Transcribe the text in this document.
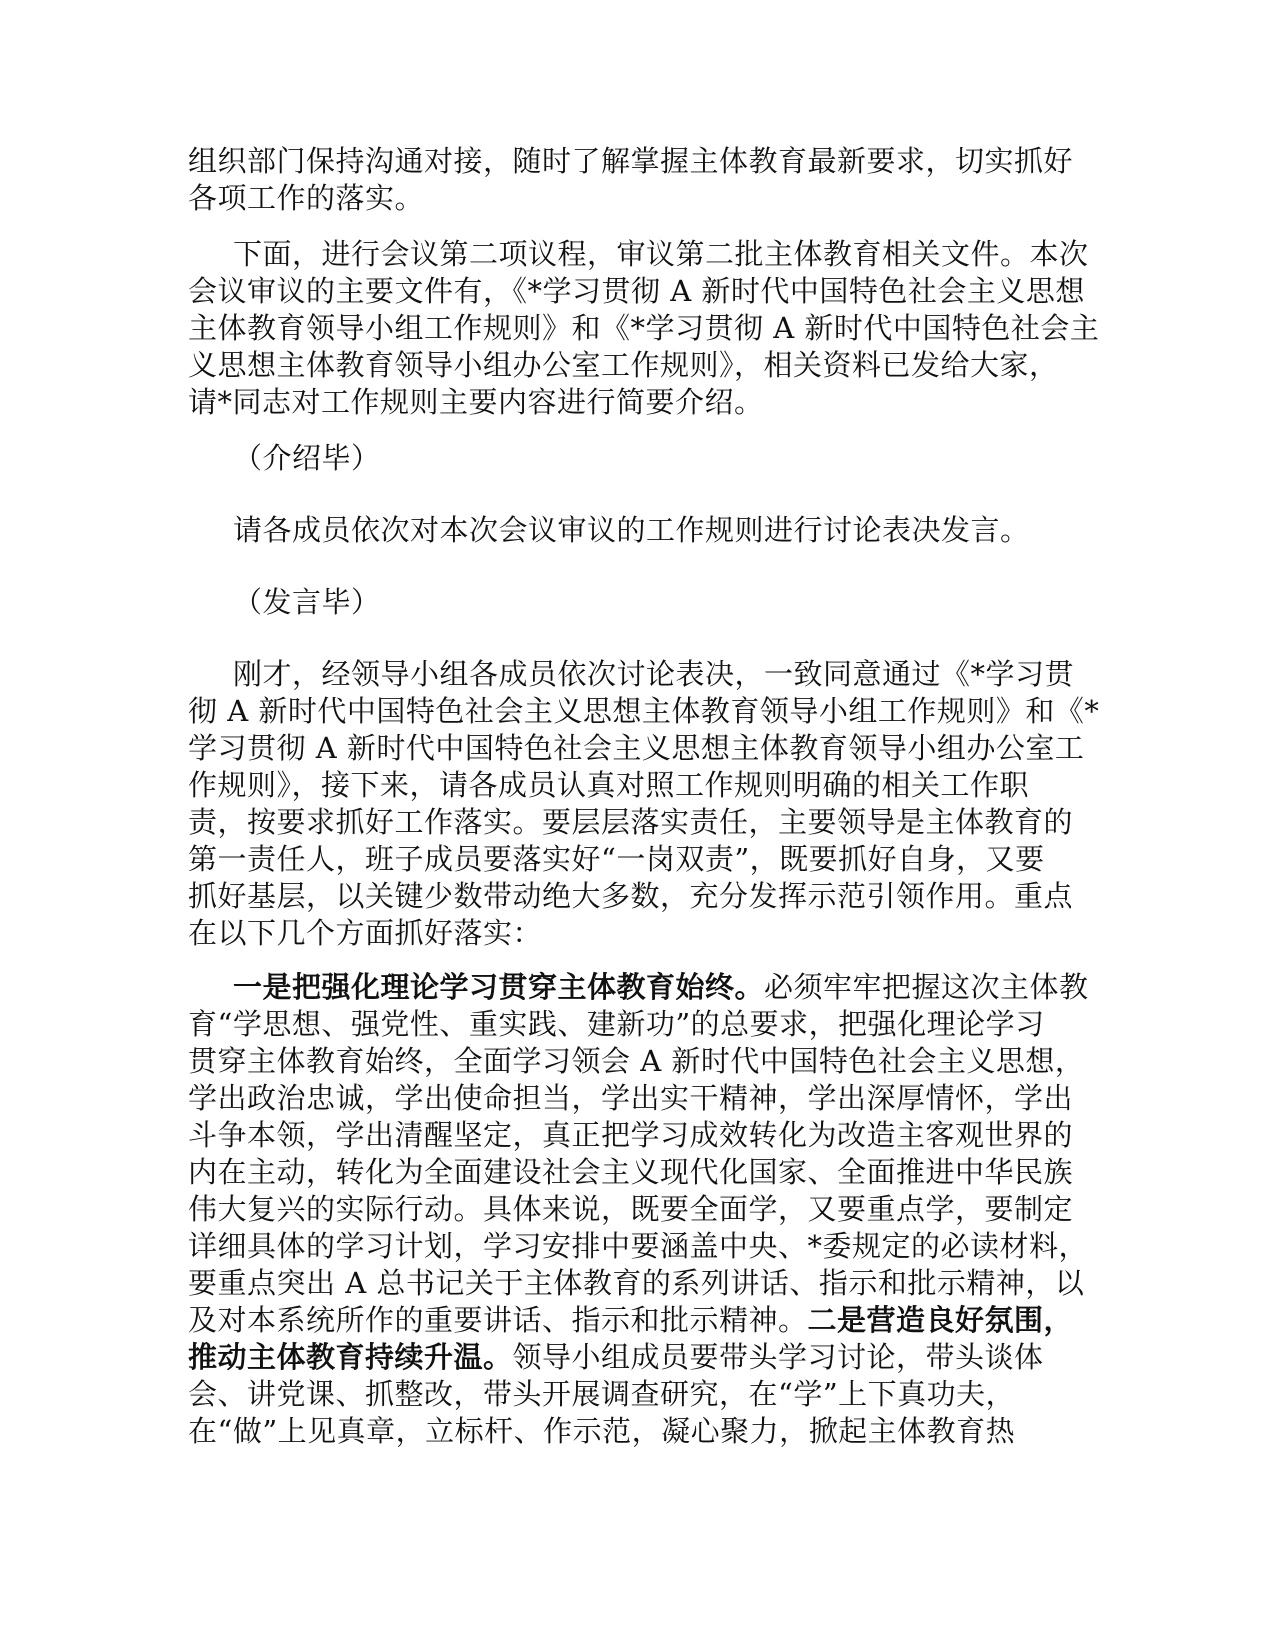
组织部门保持沟通对接，随时了解掌握主体教育最新要求，切实抓好
各项工作的落实。
下面，进行会议第二项议程，审议第二批主体教育相关文件。本次
会议审议的主要文件有，《*学习贯彻 A 新时代中国特色社会主义思想
主体教育领导小组工作规则》和《*学习贯彻 A 新时代中国特色社会主
义思想主体教育领导小组办公室工作规则》，相关资料已发给大家，
请*同志对工作规则主要内容进行简要介绍。
（介绍毕）
请各成员依次对本次会议审议的工作规则进行讨论表决发言。
（发言毕）
刚才，经领导小组各成员依次讨论表决，一致同意通过《*学习贯
彻 A 新时代中国特色社会主义思想主体教育领导小组工作规则》和《*
学习贯彻 A 新时代中国特色社会主义思想主体教育领导小组办公室工
作规则》，接下来，请各成员认真对照工作规则明确的相关工作职
责，按要求抓好工作落实。要层层落实责任，主要领导是主体教育的
第一责任人，班子成员要落实好“一岗双责”，既要抓好自身，又要
抓好基层，以关键少数带动绝大多数，充分发挥示范引领作用。重点
在以下几个方面抓好落实：
一是把强化理论学习贯穿主体教育始终。必须牢牢把握这次主体教
育“学思想、强党性、重实践、建新功”的总要求，把强化理论学习
贯穿主体教育始终，全面学习领会 A 新时代中国特色社会主义思想，
学出政治忠诚，学出使命担当，学出实干精神，学出深厚情怀，学出
斗争本领，学出清醒坚定，真正把学习成效转化为改造主客观世界的
内在主动，转化为全面建设社会主义现代化国家、全面推进中华民族
伟大复兴的实际行动。具体来说，既要全面学，又要重点学，要制定
详细具体的学习计划，学习安排中要涵盖中央、*委规定的必读材料，
要重点突出 A 总书记关于主体教育的系列讲话、指示和批示精神，以
及对本系统所作的重要讲话、指示和批示精神。二是营造良好氛围，
推动主体教育持续升温。领导小组成员要带头学习讨论，带头谈体
会、讲党课、抓整改，带头开展调查研究，在“学”上下真功夫，
在“做”上见真章，立标杆、作示范，凝心聚力，掀起主体教育热
